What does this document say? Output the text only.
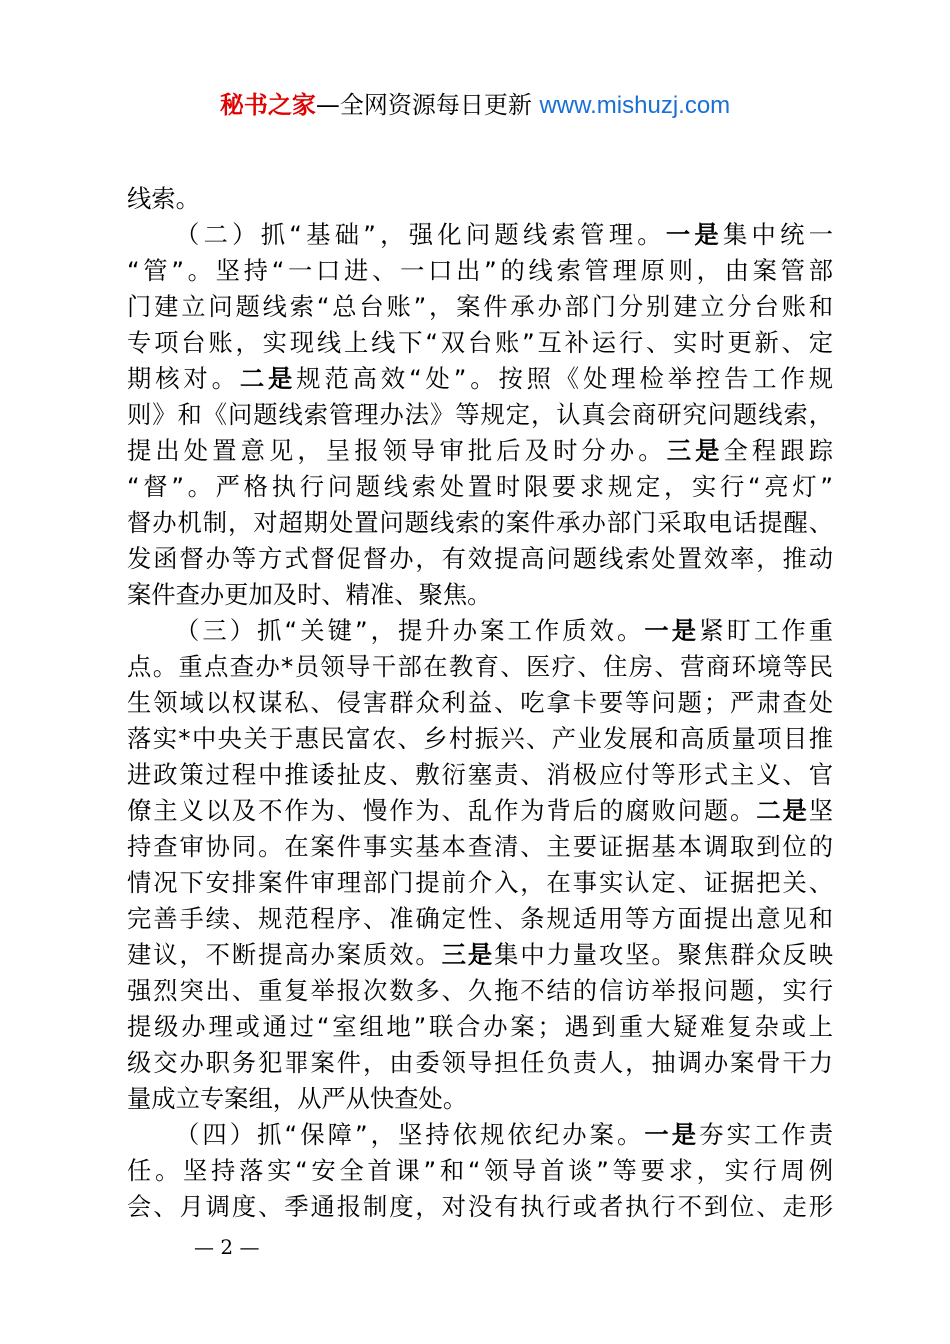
秘书之家—全网资源每日更新 www.mishuzj.com
线索。
（二）抓“基础”，强化问题线索管理。一是集中统一
“管”。坚持“一口进、一口出”的线索管理原则，由案管部
门建立问题线索“总台账”，案件承办部门分别建立分台账和
专项台账，实现线上线下“双台账”互补运行、实时更新、定
期核对。二是规范高效“处”。按照《处理检举控告工作规
则》和《问题线索管理办法》等规定，认真会商研究问题线索，
提出处置意见，呈报领导审批后及时分办。三是全程跟踪
“督”。严格执行问题线索处置时限要求规定，实行“亮灯”
督办机制，对超期处置问题线索的案件承办部门采取电话提醒、
发函督办等方式督促督办，有效提高问题线索处置效率，推动
案件查办更加及时、精准、聚焦。
（三）抓“关键”，提升办案工作质效。一是紧盯工作重
点。重点查办*员领导干部在教育、医疗、住房、营商环境等民
生领域以权谋私、侵害群众利益、吃拿卡要等问题；严肃查处
落实*中央关于惠民富农、乡村振兴、产业发展和高质量项目推
进政策过程中推诿扯皮、敷衍塞责、消极应付等形式主义、官
僚主义以及不作为、慢作为、乱作为背后的腐败问题。二是坚
持查审协同。在案件事实基本查清、主要证据基本调取到位的
情况下安排案件审理部门提前介入，在事实认定、证据把关、
完善手续、规范程序、准确定性、条规适用等方面提出意见和
建议，不断提高办案质效。三是集中力量攻坚。聚焦群众反映
强烈突出、重复举报次数多、久拖不结的信访举报问题，实行
提级办理或通过“室组地”联合办案；遇到重大疑难复杂或上
级交办职务犯罪案件，由委领导担任负责人，抽调办案骨干力
量成立专案组，从严从快查处。
（四）抓“保障”，坚持依规依纪办案。一是夯实工作责
任。坚持落实“安全首课”和“领导首谈”等要求，实行周例
会、月调度、季通报制度，对没有执行或者执行不到位、走形
— 2 —
